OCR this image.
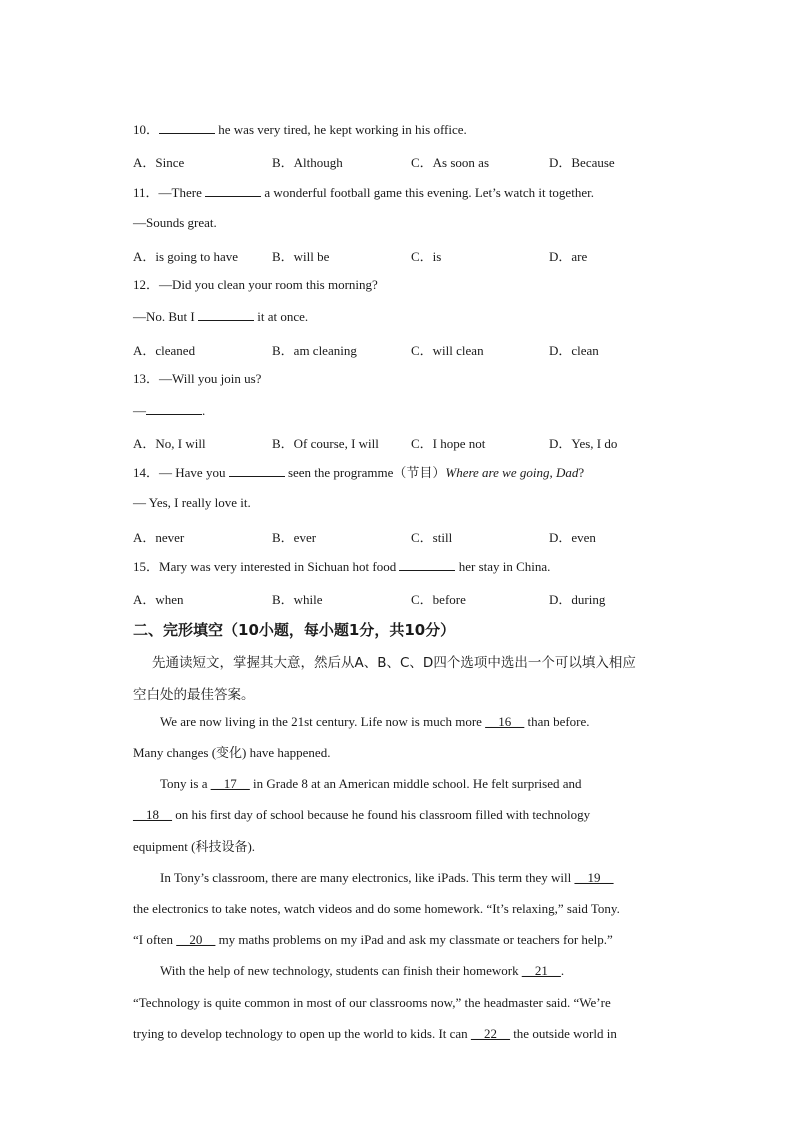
10．	he was very tired, he kept working in his office.
A．Since	B．Although	C．As soon as	D．Because
11．—There	a wonderful football game this evening. Let’s watch it together.
—Sounds great.
A．is going to have	B．will be	C．is	D．are
12．—Did you clean your room this morning?
—No. But I	it at once.
A．cleaned	B．am cleaning	C．will clean	D．clean
13．—Will you join us?
—	.
A．No, I will	B．Of course, I will C．I hope not	D．Yes, I do
14．— Have you	seen the programme（节目）Where are we going, Dad?
— Yes, I really love it.
A．never	B．ever	C．still	D．even
15．Mary was very interested in Sichuan hot food	her stay in China.
A．when	B．while	C．before	D．during
二、完形填空（10小题，每小题1分，共10分）
先通读短文，掌握其大意，然后从A、B、C、D四个选项中选出一个可以填入相应
空白处的最佳答案。
We are now living in the 21st century. Life now is much more __16__ than before.
Many changes (变化) have happened.
Tony is a __17__ in Grade 8 at an American middle school. He felt surprised and
__18__ on his first day of school because he found his classroom filled with technology
equipment (科技设备).
In Tony’s classroom, there are many electronics, like iPads. This term they will __19__
the electronics to take notes, watch videos and do some homework. “It’s relaxing,” said Tony.
“I often __20__ my maths problems on my iPad and ask my classmate or teachers for help.”
With the help of new technology, students can finish their homework __21__.
“Technology is quite common in most of our classrooms now,” the headmaster said. “We’re
trying to develop technology to open up the world to kids. It can __22__ the outside world in
